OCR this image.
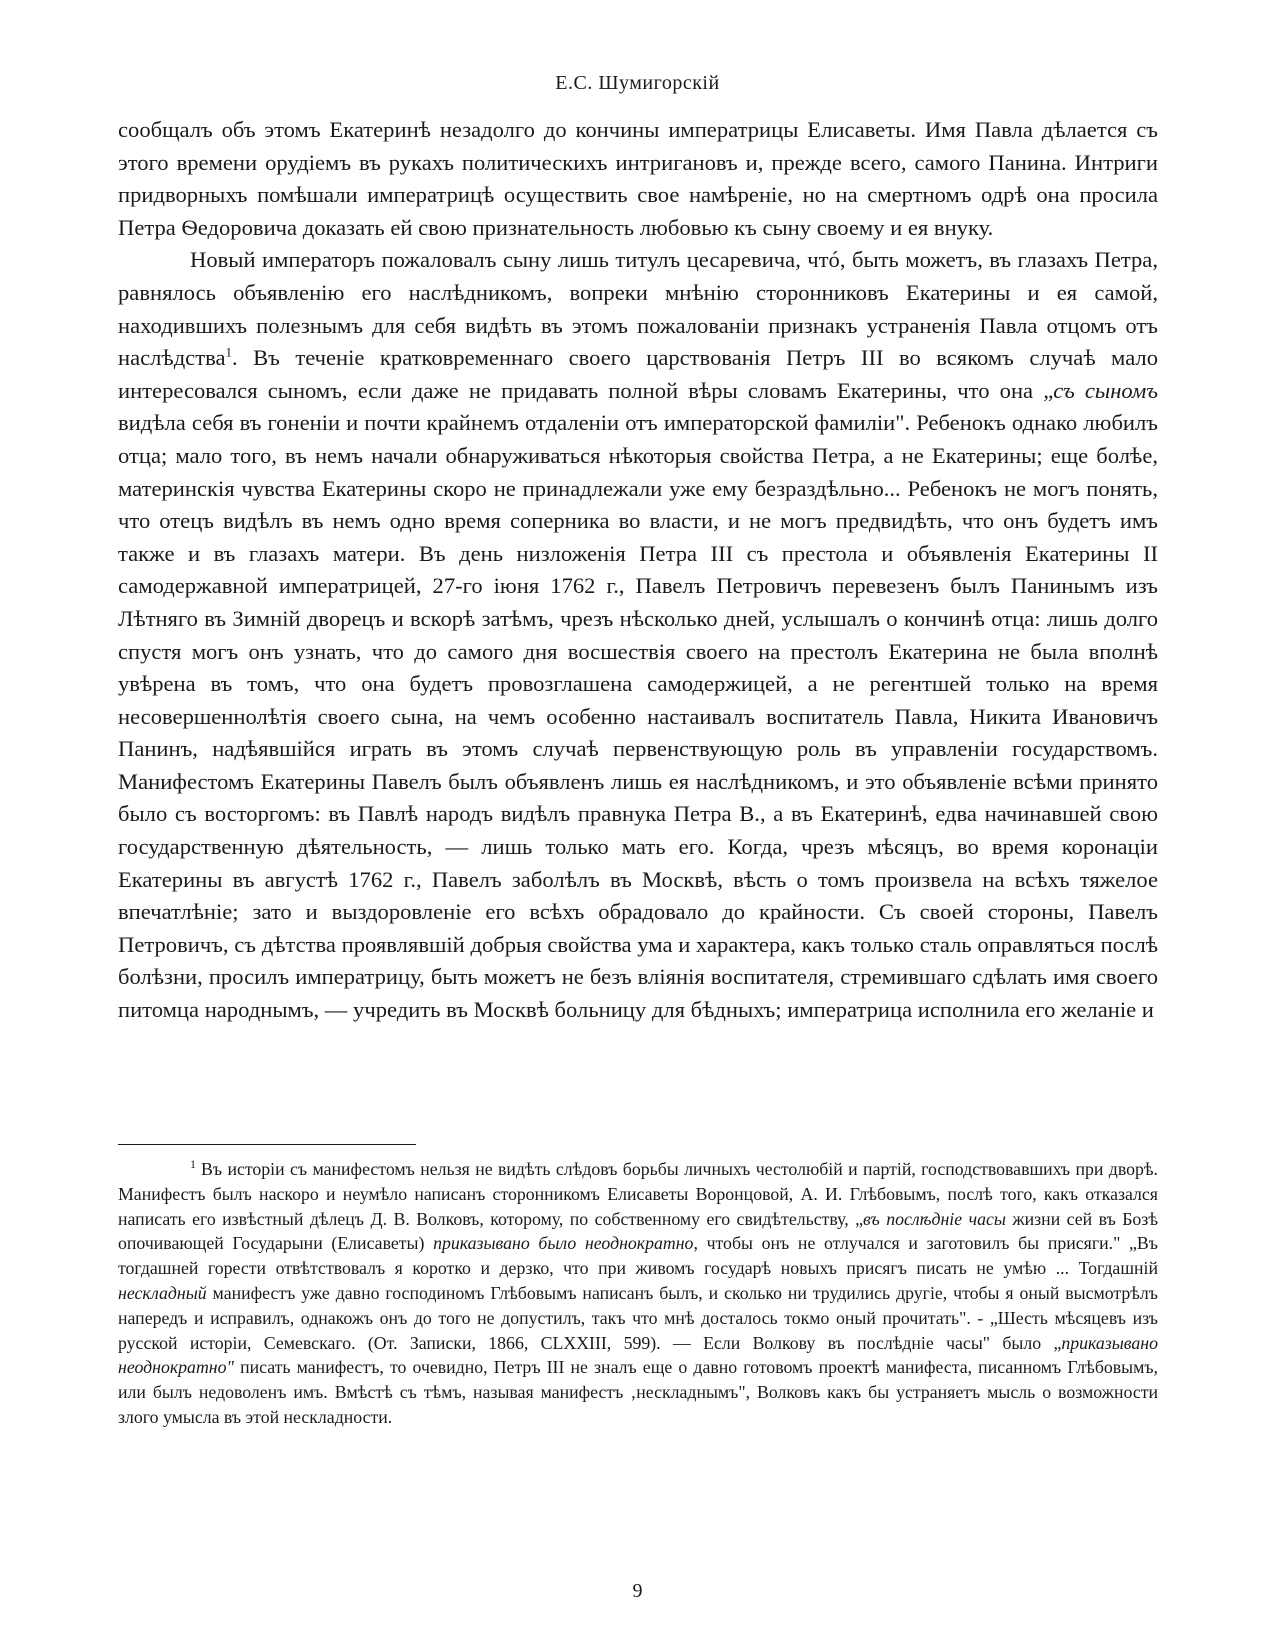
Е.С. Шумигорскій

сообщалъ объ этомъ Екатеринѣ незадолго до кончины императрицы Елисаветы. Имя Павла дѣлается съ этого времени орудіемъ въ рукахъ политическихъ интригановъ и, прежде всего, самого Панина. Интриги придворныхъ помѣшали императрицѣ осуществить свое намѣреніе, но на смертномъ одрѣ она просила Петра Ѳедоровича доказать ей свою признательность любовью къ сыну своему и ея внуку.

Новый императоръ пожаловалъ сыну лишь титулъ цесаревича, чтó, быть можетъ, въ глазахъ Петра, равнялось объявленію его наслѣдникомъ, вопреки мнѣнію сторонниковъ Екатерины и ея самой, находившихъ полезнымъ для себя видѣть въ этомъ пожалованіи признакъ устраненія Павла отцомъ отъ наслѣдства$^1$. Въ теченіе кратковременнаго своего царствованія Петръ III во всякомъ случаѣ мало интересовался сыномъ, если даже не придавать полной вѣры словамъ Екатерины, что она „съ сыномъ видѣла себя въ гоненіи и почти крайнемъ отдаленіи отъ императорской фамиліи". Ребенокъ однако любилъ отца; мало того, въ немъ начали обнаруживаться нѣкоторыя свойства Петра, а не Екатерины; еще болѣе, материнскія чувства Екатерины скоро не принадлежали уже ему безраздѣльно... Ребенокъ не могъ понять, что отецъ видѣлъ въ немъ одно время соперника во власти, и не могъ предвидѣть, что онъ будетъ имъ также и въ глазахъ матери. Въ день низложенія Петра III съ престола и объявленія Екатерины II самодержавной императрицей, 27-го іюня 1762 г., Павелъ Петровичъ перевезенъ былъ Панинымъ изъ Лѣтняго въ Зимній дворецъ и вскорѣ затѣмъ, чрезъ нѣсколько дней, услышалъ о кончинѣ отца: лишь долго спустя могъ онъ узнать, что до самого дня восшествія своего на престолъ Екатерина не была вполнѣ увѣрена въ томъ, что она будетъ провозглашена самодержицей, а не регентшей только на время несовершеннолѣтія своего сына, на чемъ особенно настаивалъ воспитатель Павла, Никита Ивановичъ Панинъ, надѣявшійся играть въ этомъ случаѣ первенствующую роль въ управленіи государствомъ. Манифестомъ Екатерины Павелъ былъ объявленъ лишь ея наслѣдникомъ, и это объявленіе всѣми принято было съ восторгомъ: въ Павлѣ народъ видѣлъ правнука Петра В., а въ Екатеринѣ, едва начинавшей свою государственную дѣятельность, — лишь только мать его. Когда, чрезъ мѣсяцъ, во время коронаціи Екатерины въ августѣ 1762 г., Павелъ заболѣлъ въ Москвѣ, вѣсть о томъ произвела на всѣхъ тяжелое впечатлѣніе; зато и выздоровленіе его всѣхъ обрадовало до крайности. Съ своей стороны, Павелъ Петровичъ, съ дѣтства проявлявшій добрыя свойства ума и характера, какъ только сталь оправляться послѣ болѣзни, просилъ императрицу, быть можетъ не безъ вліянія воспитателя, стремившаго сдѣлать имя своего питомца народнымъ, — учредить въ Москвѣ больницу для бѣдныхъ; императрица исполнила его желаніе и

$^1$ Въ исторіи съ манифестомъ нельзя не видѣть слѣдовъ борьбы личныхъ честолюбій и партій, господствовавшихъ при дворѣ. Манифестъ былъ наскоро и неумѣло написанъ сторонникомъ Елисаветы Воронцовой, А. И. Глѣбовымъ, послѣ того, какъ отказался написать его извѣстный дѣлецъ Д. В. Волковъ, которому, по собственному его свидѣтельству, „въ послѣдніе часы жизни сей въ Бозѣ опочивающей Государыни (Елисаветы) приказывано было неоднократно, чтобы онъ не отлучался и заготовилъ бы присяги." „Въ тогдашней горести отвѣтствовалъ я коротко и дерзко, что при живомъ государѣ новыхъ присягъ писать не умѣю ... Тогдашній нескладный манифестъ уже давно господиномъ Глѣбовымъ написанъ былъ, и сколько ни трудились другіе, чтобы я оный высмотрѣлъ напередъ и исправилъ, однакожъ онъ до того не допустилъ, такъ что мнѣ досталось токмо оный прочитать". - „Шесть мѣсяцевъ изъ русской исторіи, Семевскаго. (От. Записки, 1866, CLXXIII, 599). — Если Волкову въ послѣдніе часы" было „приказывано неоднократно" писать манифестъ, то очевидно, Петръ III не зналъ еще о давно готовомъ проектѣ манифеста, писанномъ Глѣбовымъ, или былъ недоволенъ имъ. Вмѣстѣ съ тѣмъ, называя манифестъ ‚нескладнымъ", Волковъ какъ бы устраняетъ мысль о возможности злого умысла въ этой нескладности.

9
